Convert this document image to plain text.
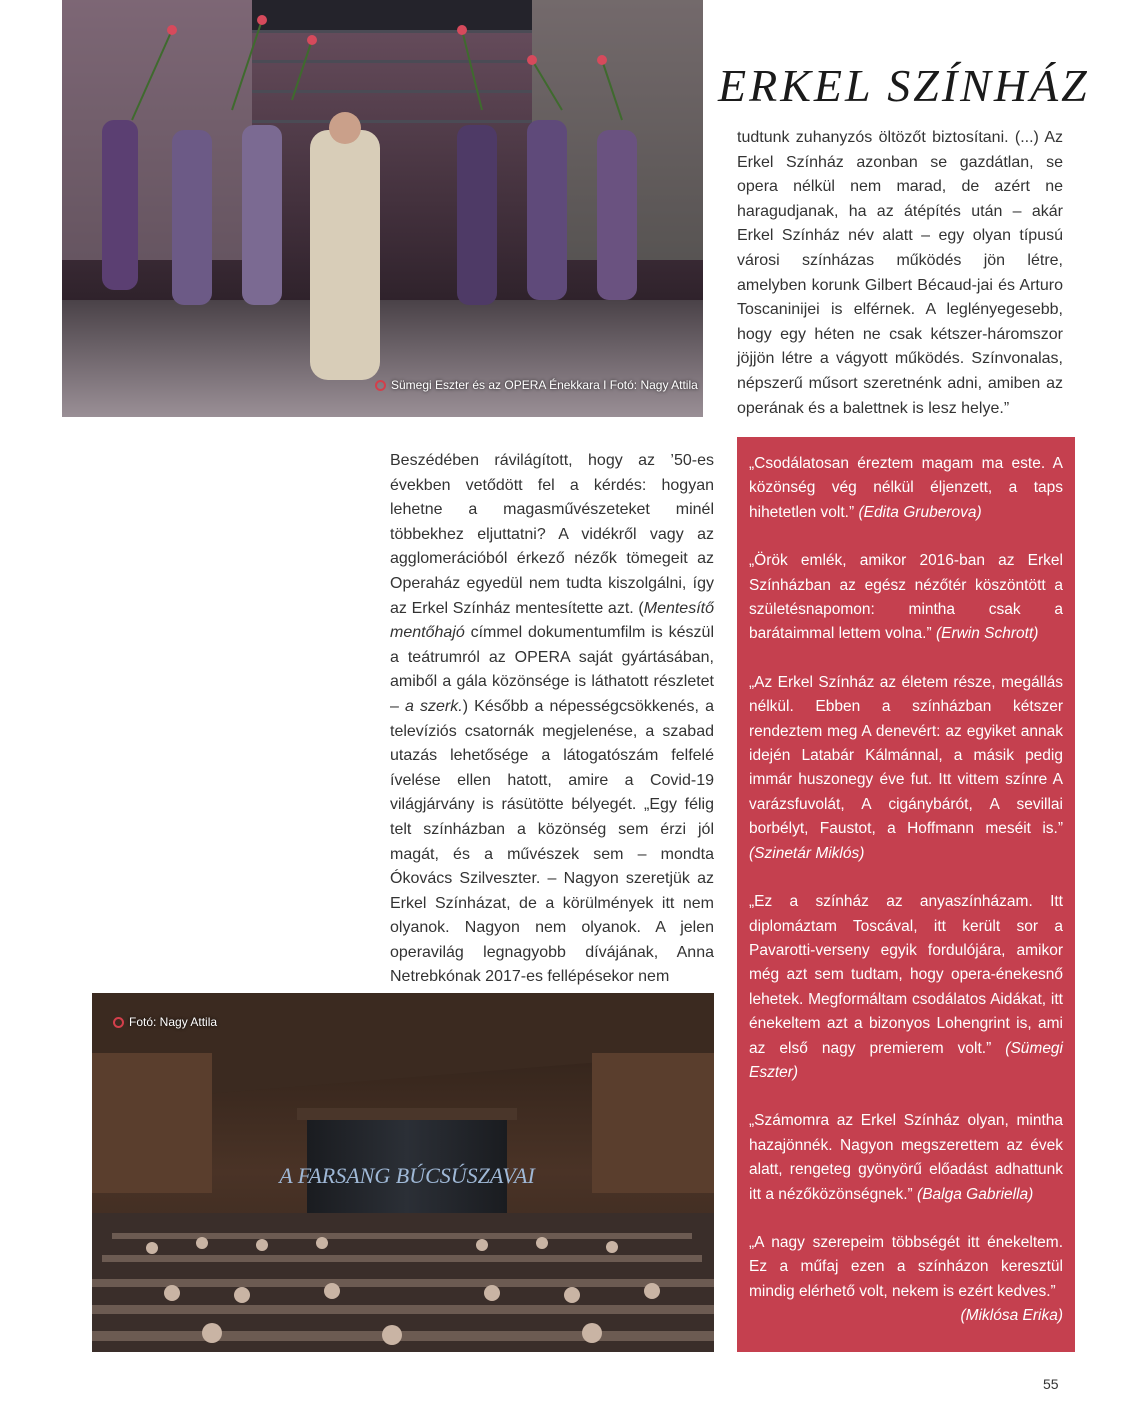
Sümegi Eszter és az OPERA Énekkara I Fotó: Nagy Attila
ERKEL SZÍNHÁZ

tudtunk zuhanyzós öltözőt biztosítani. (...) Az Erkel Színház azonban se gazdátlan, se opera nélkül nem marad, de azért ne haragudjanak, ha az átépítés után – akár Erkel Színház név alatt – egy olyan típusú városi színházas működés jön létre, amelyben korunk Gilbert Bécaud-jai és Arturo Toscaninijei is elférnek. A leglényegesebb, hogy egy héten ne csak kétszer-háromszor jöjjön létre a vágyott működés. Színvonalas, népszerű műsort szeretnénk adni, amiben az operának és a balettnek is lesz helye.”

Beszédében rávilágított, hogy az ’50-es években vetődött fel a kérdés: hogyan lehetne a magasművészeteket minél többekhez eljuttatni? A vidékről vagy az agglomerációból érkező nézők tömegeit az Operaház egyedül nem tudta kiszolgálni, így az Erkel Színház mentesítette azt. (Mentesítő mentőhajó címmel dokumentumfilm is készül a teátrumról az OPERA saját gyártásában, amiből a gála közönsége is láthatott részletet – a szerk.) Később a népességcsökkenés, a televíziós csatornák megjelenése, a szabad utazás lehetősége a látogatószám felfelé ívelése ellen hatott, amire a Covid-19 világjárvány is rásütötte bélyegét. „Egy félig telt színházban a közönség sem érzi jól magát, és a művészek sem – mondta Ókovács Szilveszter. – Nagyon szeretjük az Erkel Színházat, de a körülmények itt nem olyanok. Nagyon nem olyanok. A jelen operavilág legnagyobb dívájának, Anna Netrebkónak 2017-es fellépésekor nem

A FARSANG BÚCSÚSZAVAI
Fotó: Nagy Attila

„Csodálatosan éreztem magam ma este. A közönség vég nélkül éljenzett, a taps hihetetlen volt.” (Edita Gruberova)

„Örök emlék, amikor 2016-ban az Erkel Színházban az egész nézőtér köszöntött a születésnapomon: mintha csak a barátaimmal lettem volna.” (Erwin Schrott)

„Az Erkel Színház az életem része, megállás nélkül. Ebben a színházban kétszer rendeztem meg A denevért: az egyiket annak idején Latabár Kálmánnal, a másik pedig immár huszonegy éve fut. Itt vittem színre A varázsfuvolát, A cigánybárót, A sevillai borbélyt, Faustot, a Hoffmann meséit is.” (Szinetár Miklós)

„Ez a színház az anyaszínházam. Itt diplomáztam Toscával, itt került sor a Pavarotti-verseny egyik fordulójára, amikor még azt sem tudtam, hogy opera-énekesnő lehetek. Megformáltam csodálatos Aidákat, itt énekeltem azt a bizonyos Lohengrint is, ami az első nagy premierem volt.” (Sümegi Eszter)

„Számomra az Erkel Színház olyan, mintha hazajönnék. Nagyon megszerettem az évek alatt, rengeteg gyönyörű előadást adhattunk itt a nézőközönségnek.” (Balga Gabriella)

„A nagy szerepeim többségét itt énekeltem. Ez a műfaj ezen a színházon keresztül mindig elérhető volt, nekem is ezért kedves.”
(Miklósa Erika)

55
